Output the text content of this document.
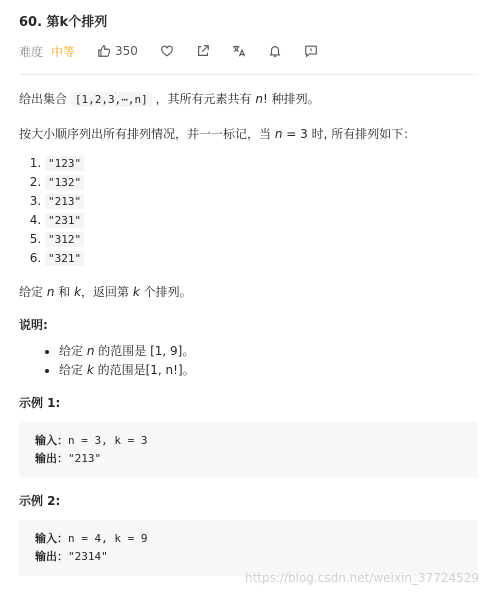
60. 第k个排列
难度 中等	350
给出集合 [1,2,3,⋯,n] ，其所有元素共有 n! 种排列。
按大小顺序列出所有排列情况，并一一标记，当 n = 3 时, 所有排列如下：
1. "123"
2. "132"
3. "213"
4. "231"
5. "312"
6. "321"
给定 n 和 k，返回第 k 个排列。
说明:
• 给定 n 的范围是 [1, 9]。
• 给定 k 的范围是[1, n!]。
示例 1:
输入：n = 3, k = 3
输出："213"
示例 2:
输入：n = 4, k = 9
输出："2314"
https://blog.csdn.net/weixin_37724529
